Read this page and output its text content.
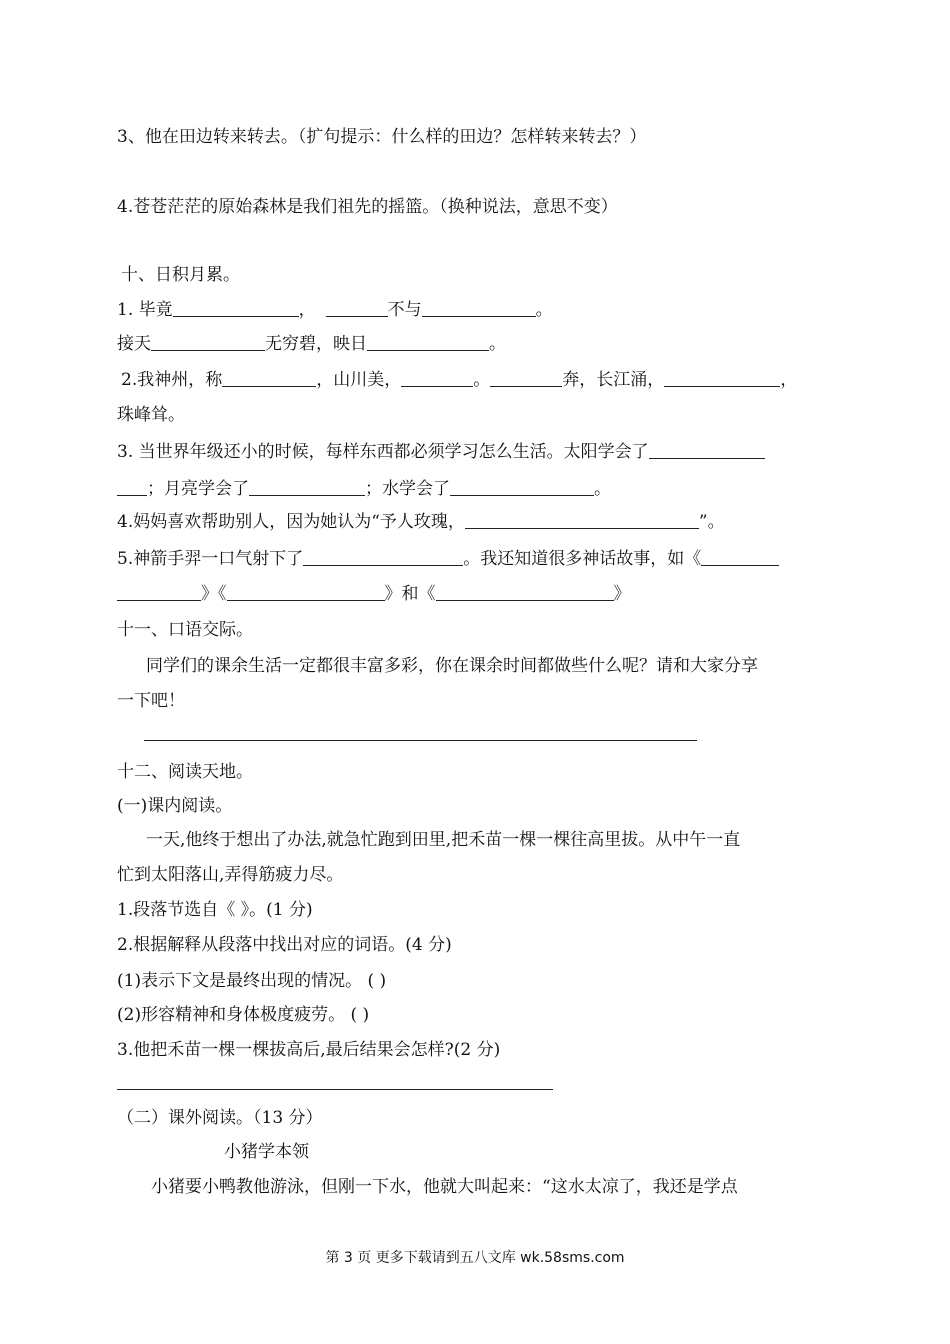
3、他在田边转来转去。（扩句提示：什么样的田边？怎样转来转去？）
4.苍苍茫茫的原始森林是我们祖先的摇篮。（换种说法，意思不变）
十、日积月累。
1. 毕竟	，	不与	。
接天	无穷碧，映日	。
2.我神州，称	，山川美，	。	奔，长江涌，	，
珠峰耸。
3. 当世界年级还小的时候，每样东西都必须学习怎么生活。太阳学会了
；月亮学会了	；水学会了	。
4.妈妈喜欢帮助别人，因为她认为“予人玫瑰，	”。
5.神箭手羿一口气射下了	。我还知道很多神话故事，如《
》《	》和《	》
十一、口语交际。
同学们的课余生活一定都很丰富多彩，你在课余时间都做些什么呢？请和大家分享
一下吧！
十二、阅读天地。
(一)课内阅读。
一天,他终于想出了办法,就急忙跑到田里,把禾苗一棵一棵往高里拔。从中午一直
忙到太阳落山,弄得筋疲力尽。
1.段落节选自《 》。(1 分)
2.根据解释从段落中找出对应的词语。(4 分)
(1)表示下文是最终出现的情况。 ( )
(2)形容精神和身体极度疲劳。 ( )
3.他把禾苗一棵一棵拔高后,最后结果会怎样?(2 分)
（二）课外阅读。（13 分）
小猪学本领
小猪要小鸭教他游泳，但刚一下水，他就大叫起来：“这水太凉了，我还是学点
第 3 页 更多下载请到五八文库 wk.58sms.com
